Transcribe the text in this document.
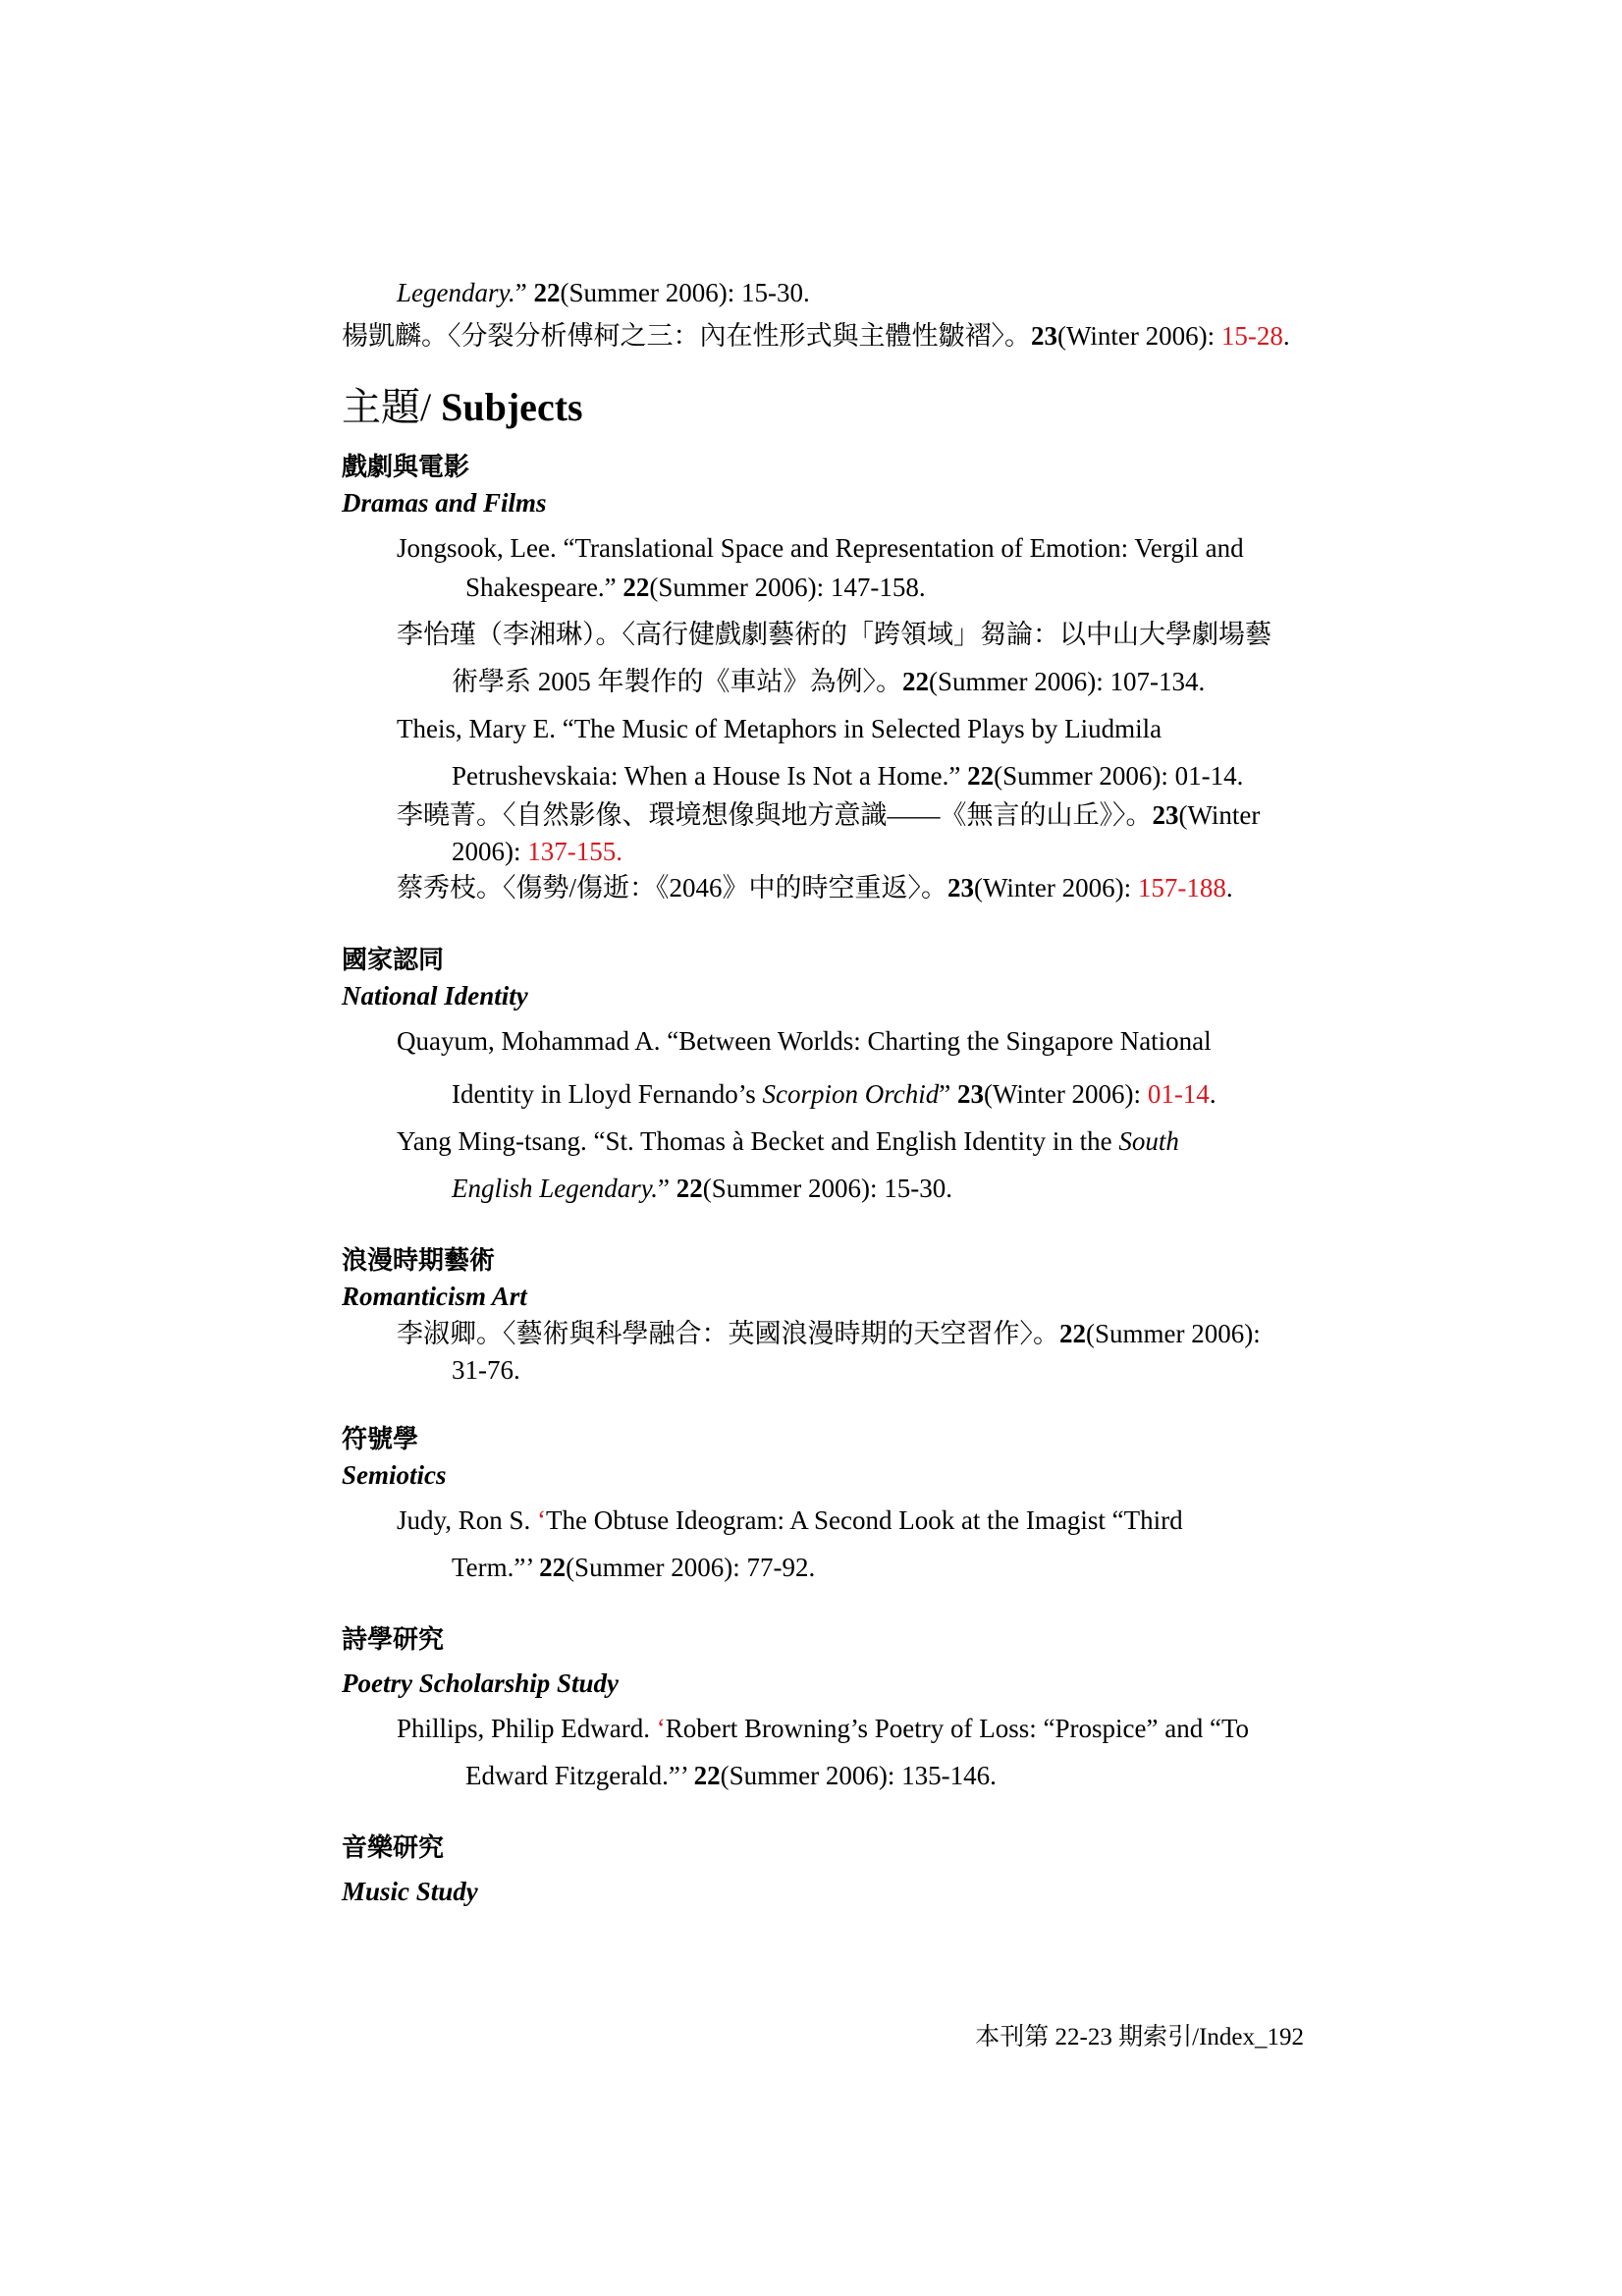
Legendary.” 22(Summer 2006): 15-30.
楊凱麟。〈分裂分析傅柯之三：內在性形式與主體性皺褶〉。23(Winter 2006): 15-28.
主題/ Subjects
戲劇與電影
Dramas and Films
Jongsook, Lee. “Translational Space and Representation of Emotion: Vergil and
Shakespeare.” 22(Summer 2006): 147-158.
李怡瑾（李湘琳）。〈高行健戲劇藝術的「跨領域」芻論：以中山大學劇場藝
術學系 2005 年製作的《車站》為例〉。22(Summer 2006): 107-134.
Theis, Mary E. “The Music of Metaphors in Selected Plays by Liudmila
Petrushevskaia: When a House Is Not a Home.” 22(Summer 2006): 01-14.
李曉菁。〈自然影像、環境想像與地方意識——《無言的山丘》〉。23(Winter
2006): 137-155.
蔡秀枝。〈傷勢/傷逝：《2046》中的時空重返〉。23(Winter 2006): 157-188.
國家認同
National Identity
Quayum, Mohammad A. “Between Worlds: Charting the Singapore National
Identity in Lloyd Fernando’s Scorpion Orchid” 23(Winter 2006): 01-14.
Yang Ming-tsang. “St. Thomas à Becket and English Identity in the South
English Legendary.” 22(Summer 2006): 15-30.
浪漫時期藝術
Romanticism Art
李淑卿。〈藝術與科學融合：英國浪漫時期的天空習作〉。22(Summer 2006):
31-76.
符號學
Semiotics
Judy, Ron S. ‘The Obtuse Ideogram: A Second Look at the Imagist “Third
Term.”’ 22(Summer 2006): 77-92.
詩學研究
Poetry Scholarship Study
Phillips, Philip Edward. ‘Robert Browning’s Poetry of Loss: “Prospice” and “To
Edward Fitzgerald.”’ 22(Summer 2006): 135-146.
音樂研究
Music Study
本刊第 22-23 期索引/Index_192
